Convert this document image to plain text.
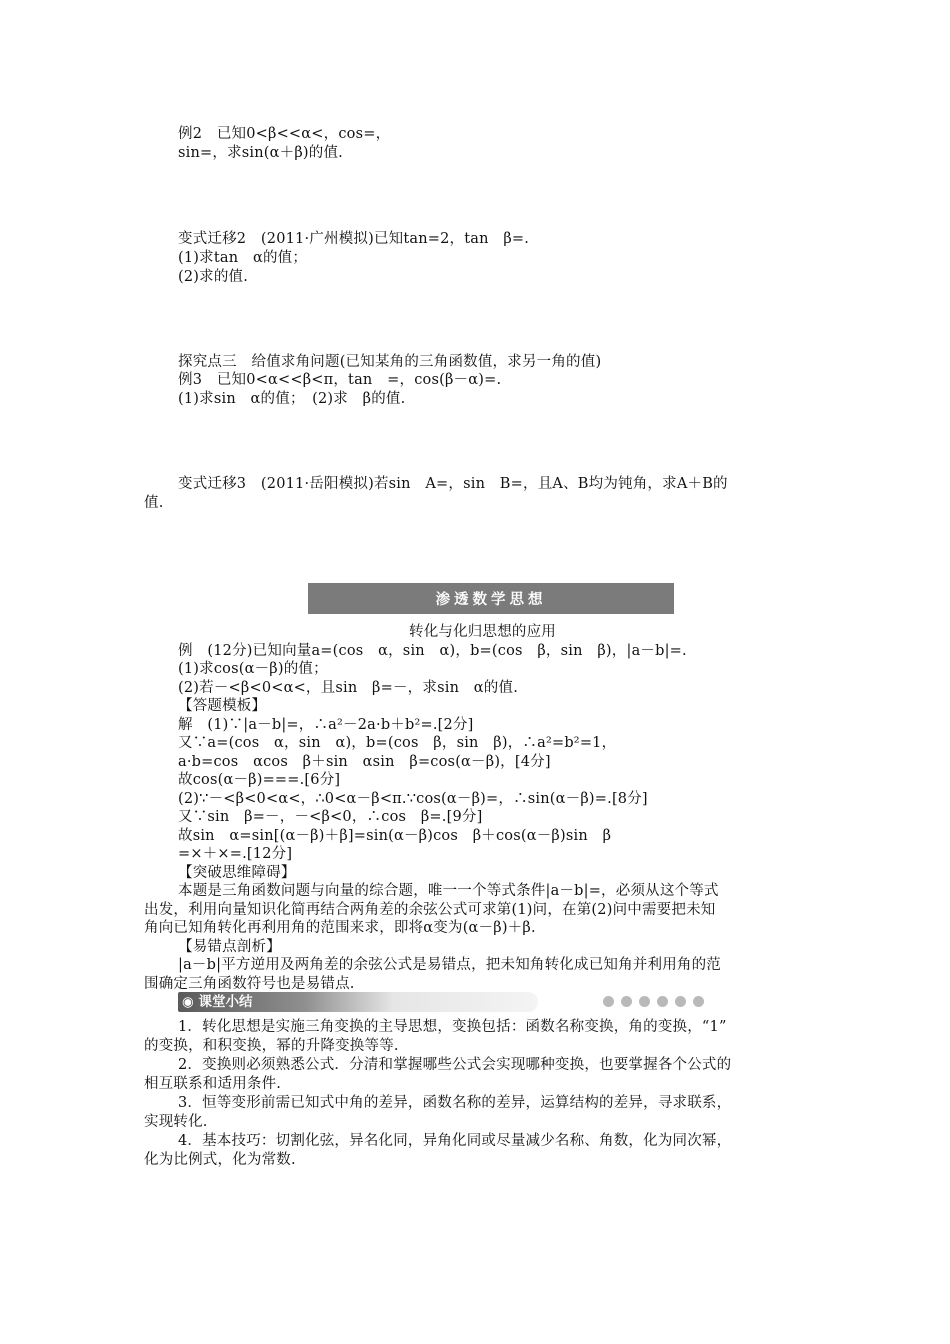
例2　已知0<β<<α<，cos=，
sin=，求sin(α＋β)的值.
变式迁移2　(2011·广州模拟)已知tan=2，tan　β=.
(1)求tan　α的值；
(2)求的值.
探究点三　给值求角问题(已知某角的三角函数值，求另一角的值)
例3　已知0<α<<β<π，tan　=，cos(β－α)=.
(1)求sin　α的值；　(2)求　β的值.
变式迁移3　(2011·岳阳模拟)若sin　A=，sin　B=，且A、B均为钝角，求A＋B的
值.
渗透数学思想
转化与化归思想的应用
例　(12分)已知向量a=(cos　α，sin　α)，b=(cos　β，sin　β)，|a－b|=.
(1)求cos(α－β)的值；
(2)若－<β<0<α<，且sin　β=－，求sin　α的值.
【答题模板】
解　(1)∵|a－b|=，∴a²－2a·b＋b²=.[2分]
又∵a=(cos　α，sin　α)，b=(cos　β，sin　β)，∴a²=b²=1，
a·b=cos　αcos　β＋sin　αsin　β=cos(α－β)，[4分]
故cos(α－β)===.[6分]
(2)∵－<β<0<α<，∴0<α－β<π.∵cos(α－β)=，∴sin(α－β)=.[8分]
又∵sin　β=－，－<β<0，∴cos　β=.[9分]
故sin　α=sin[(α－β)＋β]=sin(α－β)cos　β＋cos(α－β)sin　β
=×＋×=.[12分]
【突破思维障碍】
本题是三角函数问题与向量的综合题，唯一一个等式条件|a－b|=，必须从这个等式
出发，利用向量知识化简再结合两角差的余弦公式可求第(1)问，在第(2)问中需要把未知
角向已知角转化再利用角的范围来求，即将α变为(α－β)＋β.
【易错点剖析】
|a－b|平方逆用及两角差的余弦公式是易错点，把未知角转化成已知角并利用角的范
围确定三角函数符号也是易错点.
◉ 课堂小结
1．转化思想是实施三角变换的主导思想，变换包括：函数名称变换，角的变换，“1”
的变换，和积变换，幂的升降变换等等.
2．变换则必须熟悉公式．分清和掌握哪些公式会实现哪种变换，也要掌握各个公式的
相互联系和适用条件.
3．恒等变形前需已知式中角的差异，函数名称的差异，运算结构的差异，寻求联系，
实现转化.
4．基本技巧：切割化弦，异名化同，异角化同或尽量减少名称、角数，化为同次幂，
化为比例式，化为常数.
